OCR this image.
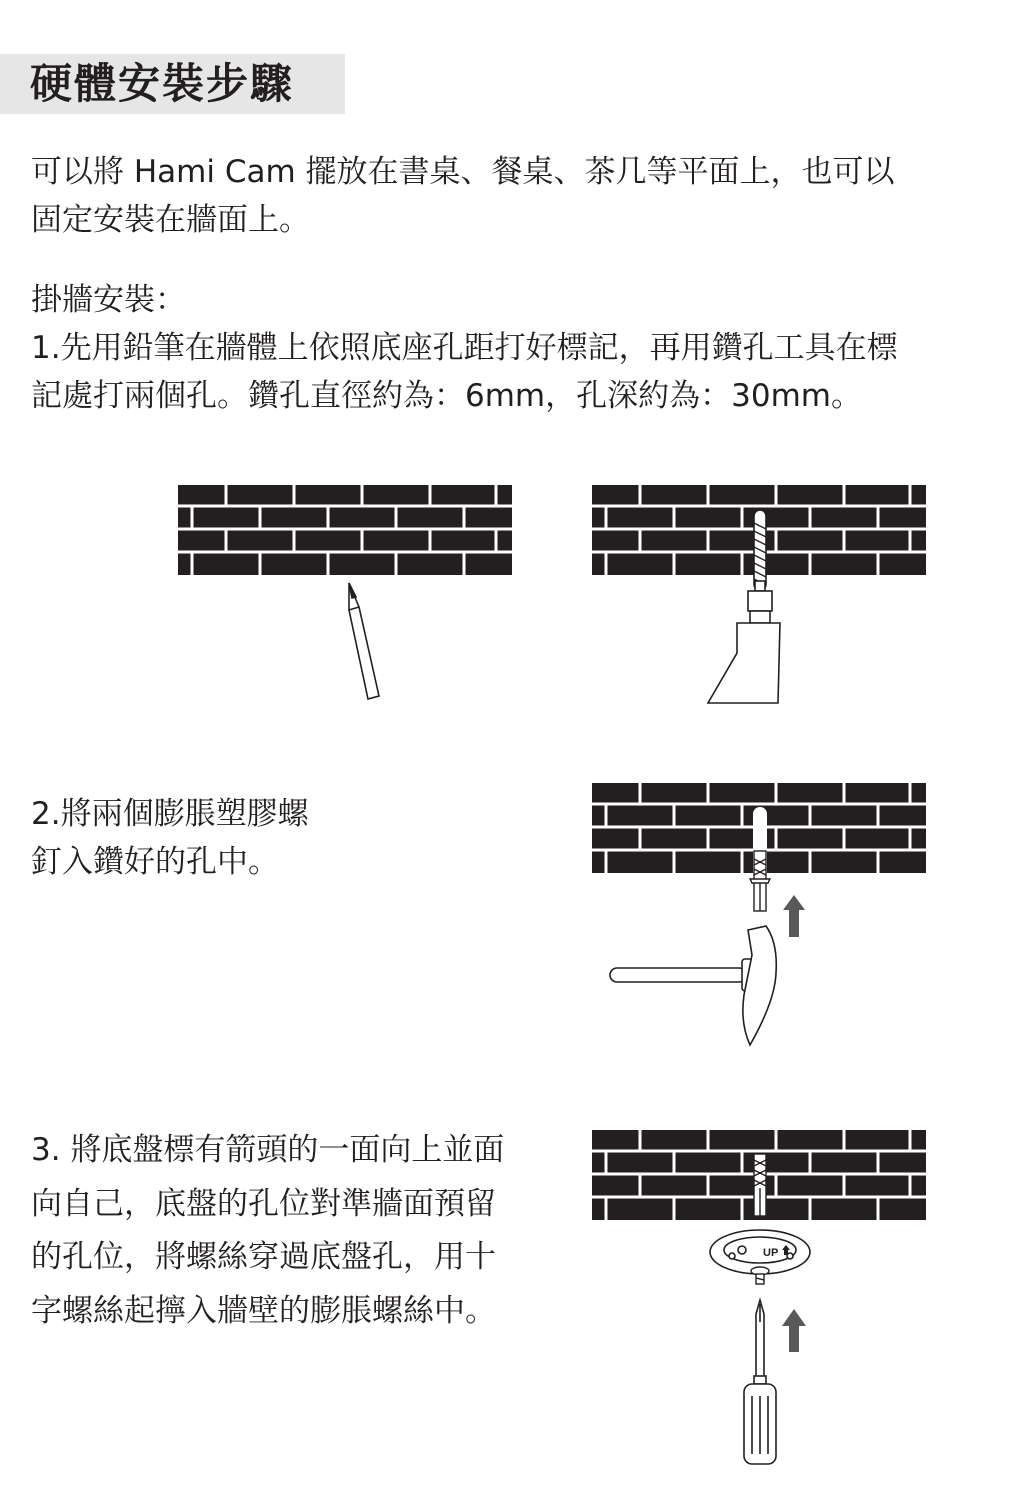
硬體安裝步驟

可以將 Hami Cam 擺放在書桌、餐桌、茶几等平面上，也可以
固定安裝在牆面上。

掛牆安裝：
1.先用鉛筆在牆體上依照底座孔距打好標記，再用鑽孔工具在標
記處打兩個孔。鑽孔直徑約為：6mm，孔深約為：30mm。

2.將兩個膨脹塑膠螺
釘入鑽好的孔中。

3. 將底盤標有箭頭的一面向上並面
向自己，底盤的孔位對準牆面預留
的孔位，將螺絲穿過底盤孔，用十
字螺絲起擰入牆壁的膨脹螺絲中。

UP
